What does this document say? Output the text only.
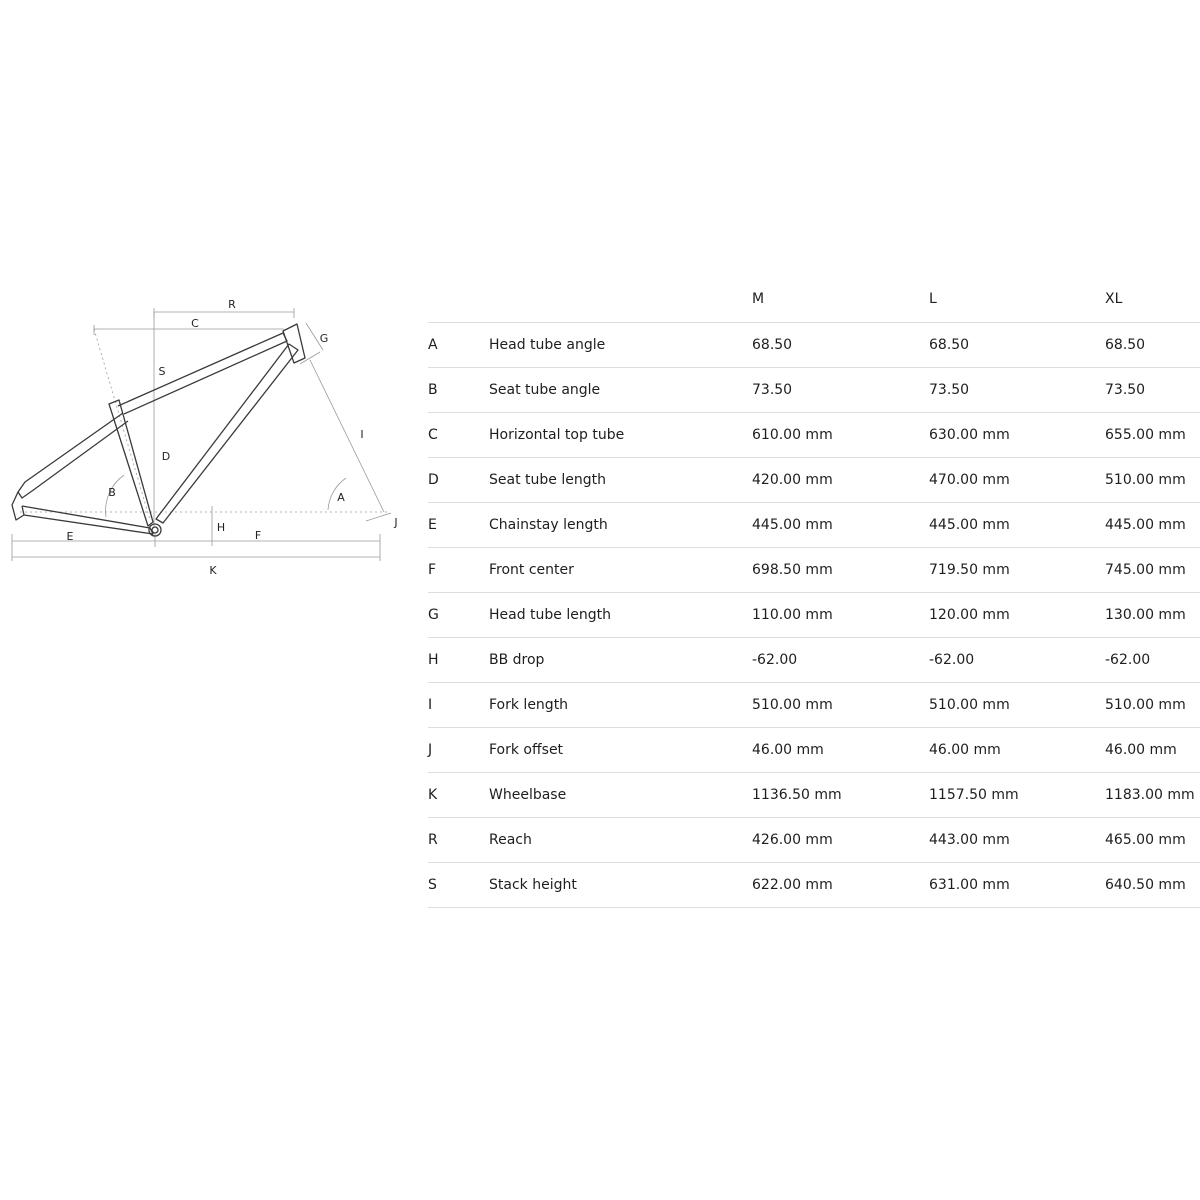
R
C
G
S
I
D
B	A
H	J
E	F
K
		M	L	XL
A	Head tube angle	68.50	68.50	68.50
B	Seat tube angle	73.50	73.50	73.50
C	Horizontal top tube	610.00 mm	630.00 mm	655.00 mm
D	Seat tube length	420.00 mm	470.00 mm	510.00 mm
E	Chainstay length	445.00 mm	445.00 mm	445.00 mm
F	Front center	698.50 mm	719.50 mm	745.00 mm
G	Head tube length	110.00 mm	120.00 mm	130.00 mm
H	BB drop	-62.00	-62.00	-62.00
I	Fork length	510.00 mm	510.00 mm	510.00 mm
J	Fork offset	46.00 mm	46.00 mm	46.00 mm
K	Wheelbase	1136.50 mm	1157.50 mm	1183.00 mm
R	Reach	426.00 mm	443.00 mm	465.00 mm
S	Stack height	622.00 mm	631.00 mm	640.50 mm
